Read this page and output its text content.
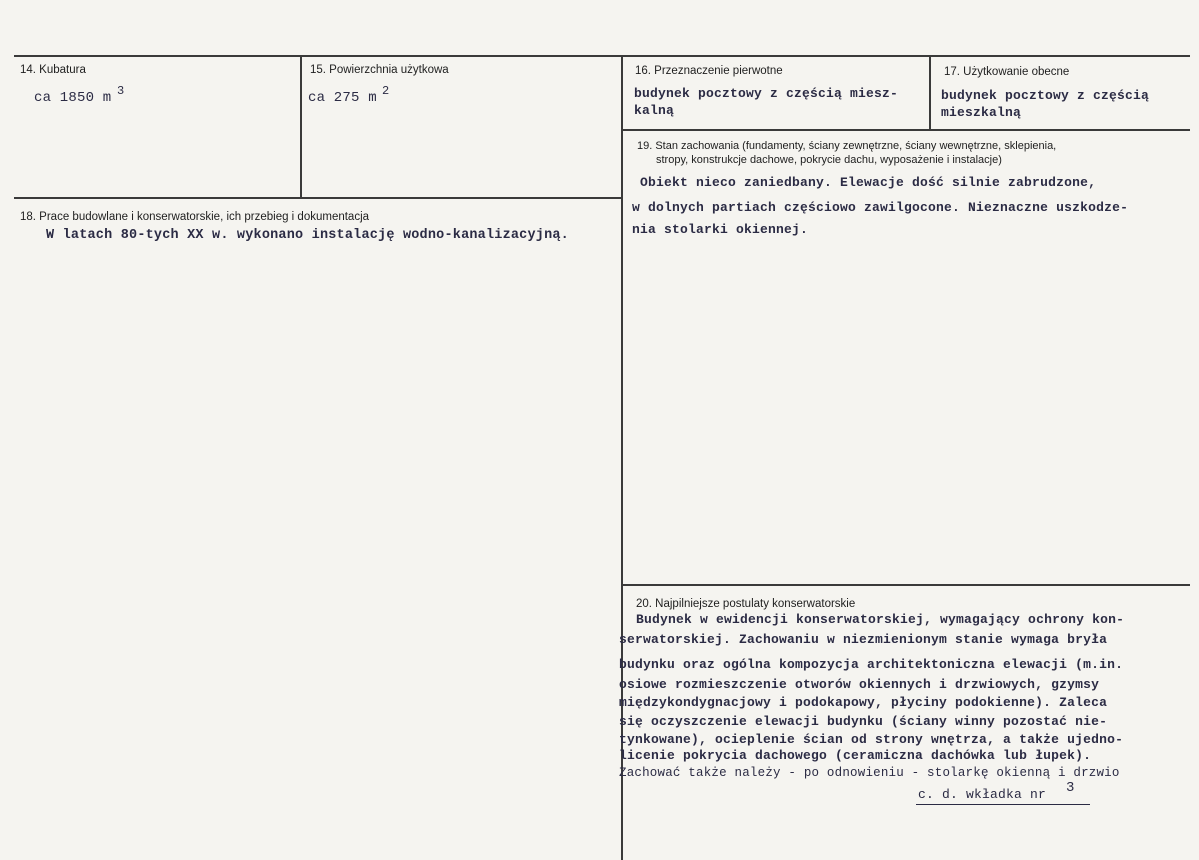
14. Kubatura
ca 1850 m 3
15. Powierzchnia użytkowa
ca 275 m 2
16. Przeznaczenie pierwotne
budynek pocztowy z częścią miesz-
kalną
17. Użytkowanie obecne
budynek pocztowy z częścią
mieszkalną
18. Prace budowlane i konserwatorskie, ich przebieg i dokumentacja
W latach 80-tych XX w. wykonano instalację wodno-kanalizacyjną.
19. Stan zachowania (fundamenty, ściany zewnętrzne, ściany wewnętrzne, sklepienia,
stropy, konstrukcje dachowe, pokrycie dachu, wyposażenie i instalacje)
Obiekt nieco zaniedbany. Elewacje dość silnie zabrudzone,
w dolnych partiach częściowo zawilgocone. Nieznaczne uszkodze-
nia stolarki okiennej.
20. Najpilniejsze postulaty konserwatorskie
Budynek w ewidencji konserwatorskiej, wymagający ochrony kon-
serwatorskiej. Zachowaniu w niezmienionym stanie wymaga bryła
budynku oraz ogólna kompozycja architektoniczna elewacji (m.in.
osiowe rozmieszczenie otworów okiennych i drzwiowych, gzymsy
międzykondygnacjowy i podokapowy, płyciny podokienne). Zaleca
się oczyszczenie elewacji budynku (ściany winny pozostać nie-
tynkowane), ocieplenie ścian od strony wnętrza, a także ujedno-
licenie pokrycia dachowego (ceramiczna dachówka lub łupek).
Zachować także należy - po odnowieniu - stolarkę okienną i drzwio
c. d. wkładka nr 3
